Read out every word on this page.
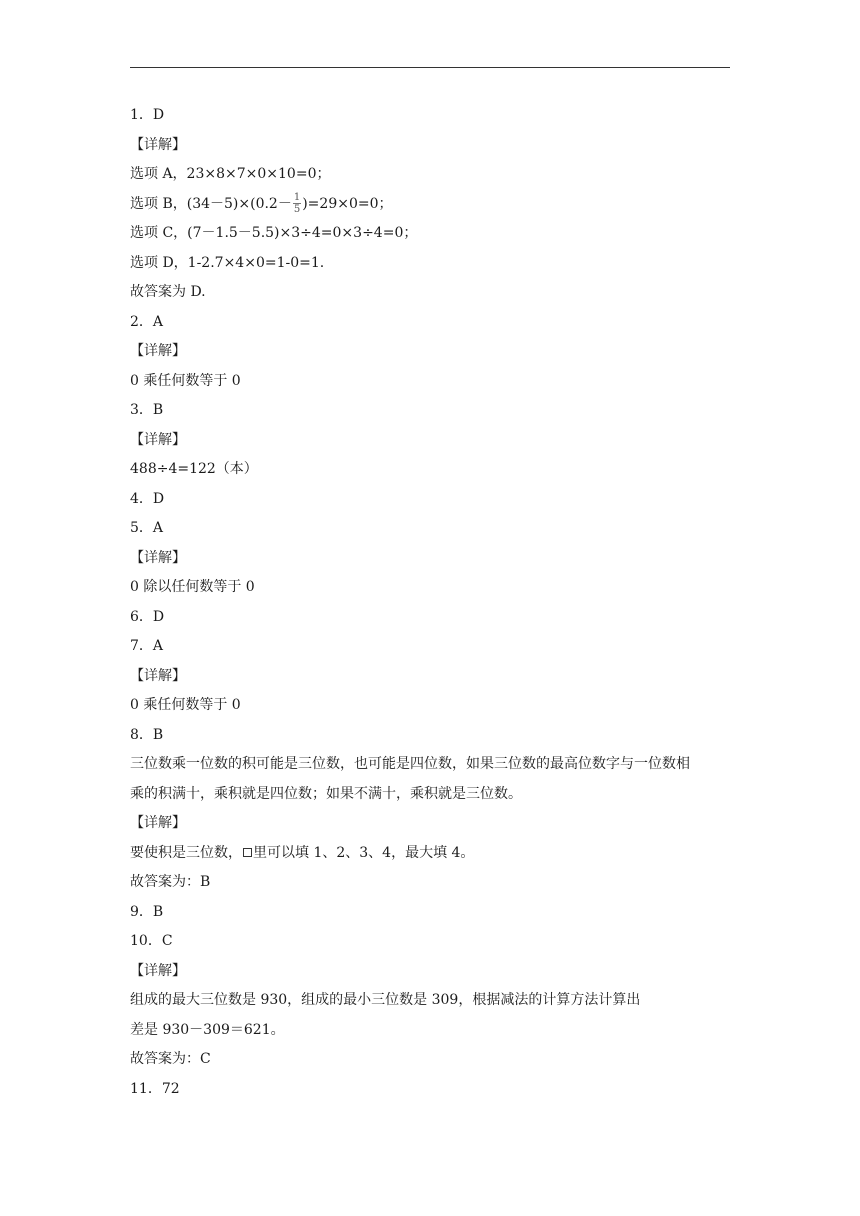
1．D
【详解】
选项 A，23×8×7×0×10=0；
选项 B，$(34-5)\times(0.2- \frac{1}{5} )=29\times 0=0$；
选项 C，(7－1.5－5.5)×3÷4=0×3÷4=0；
选项 D，1-2.7×4×0=1-0=1.
故答案为 D.
2．A
【详解】
0 乘任何数等于 0
3．B
【详解】
488÷4=122（本）
4．D
5．A
【详解】
0 除以任何数等于 0
6．D
7．A
【详解】
0 乘任何数等于 0
8．B
三位数乘一位数的积可能是三位数，也可能是四位数，如果三位数的最高位数字与一位数相
乘的积满十，乘积就是四位数；如果不满十，乘积就是三位数。
【详解】
要使积是三位数， 里可以填 1、2、3、4，最大填 4。
故答案为：B
9．B
10．C
【详解】
组成的最大三位数是 930，组成的最小三位数是 309，根据减法的计算方法计算出
差是 930－309＝621。
故答案为：C
11．72
